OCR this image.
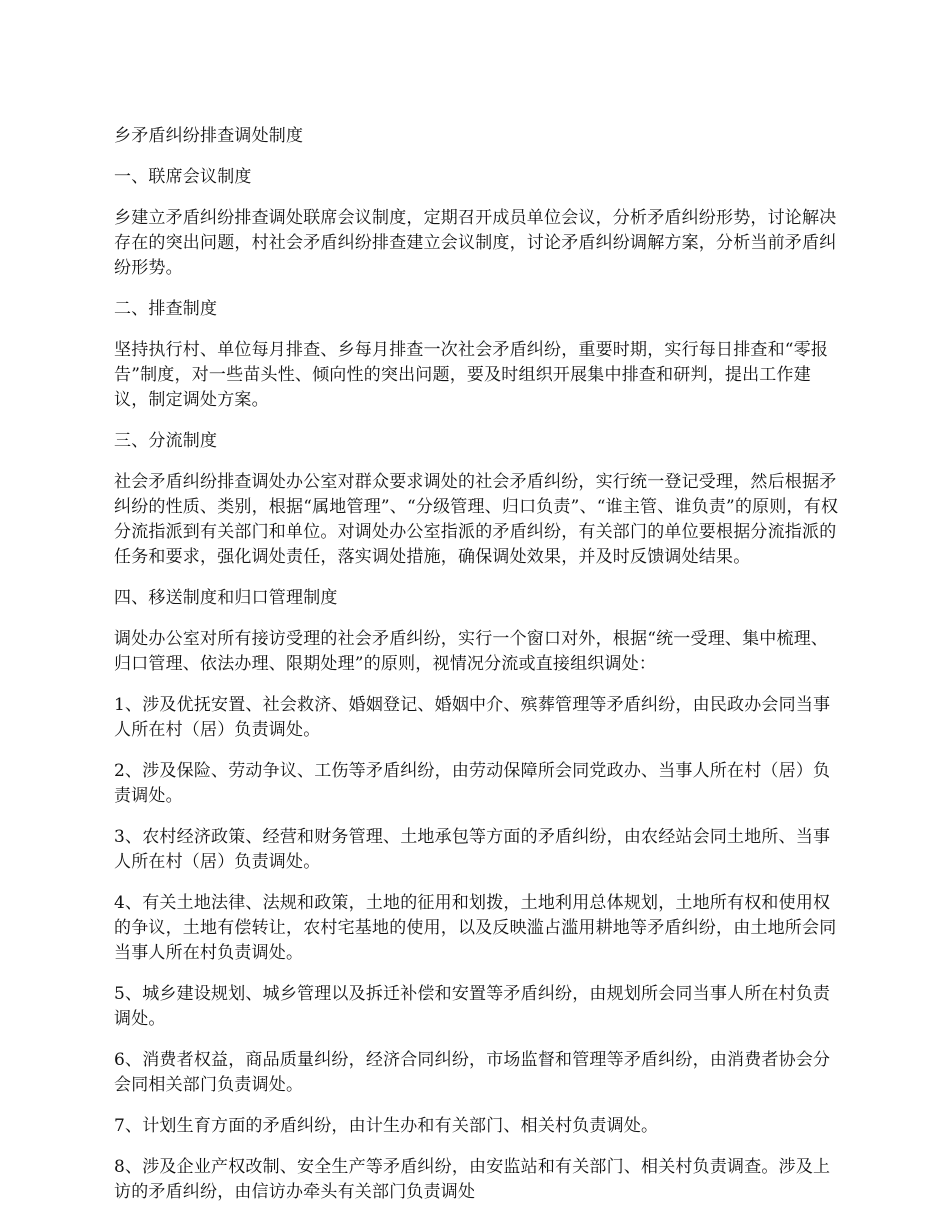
乡矛盾纠纷排查调处制度

一、联席会议制度

乡建立矛盾纠纷排查调处联席会议制度，定期召开成员单位会议，分析矛盾纠纷形势，讨论解决存在的突出问题，村社会矛盾纠纷排查建立会议制度，讨论矛盾纠纷调解方案，分析当前矛盾纠纷形势。

二、排查制度

坚持执行村、单位每月排查、乡每月排查一次社会矛盾纠纷，重要时期，实行每日排查和“零报告”制度，对一些苗头性、倾向性的突出问题，要及时组织开展集中排查和研判，提出工作建议，制定调处方案。

三、分流制度

社会矛盾纠纷排查调处办公室对群众要求调处的社会矛盾纠纷，实行统一登记受理，然后根据矛纠纷的性质、类别，根据“属地管理”、“分级管理、归口负责”、“谁主管、谁负责”的原则，有权分流指派到有关部门和单位。对调处办公室指派的矛盾纠纷，有关部门的单位要根据分流指派的任务和要求，强化调处责任，落实调处措施，确保调处效果，并及时反馈调处结果。

四、移送制度和归口管理制度

调处办公室对所有接访受理的社会矛盾纠纷，实行一个窗口对外，根据“统一受理、集中梳理、归口管理、依法办理、限期处理”的原则，视情况分流或直接组织调处：

1、涉及优抚安置、社会救济、婚姻登记、婚姻中介、殡葬管理等矛盾纠纷，由民政办会同当事人所在村（居）负责调处。

2、涉及保险、劳动争议、工伤等矛盾纠纷，由劳动保障所会同党政办、当事人所在村（居）负责调处。

3、农村经济政策、经营和财务管理、土地承包等方面的矛盾纠纷，由农经站会同土地所、当事人所在村（居）负责调处。

4、有关土地法律、法规和政策，土地的征用和划拨，土地利用总体规划，土地所有权和使用权的争议，土地有偿转让，农村宅基地的使用，以及反映滥占滥用耕地等矛盾纠纷，由土地所会同当事人所在村负责调处。

5、城乡建设规划、城乡管理以及拆迁补偿和安置等矛盾纠纷，由规划所会同当事人所在村负责调处。

6、消费者权益，商品质量纠纷，经济合同纠纷，市场监督和管理等矛盾纠纷，由消费者协会分会同相关部门负责调处。

7、计划生育方面的矛盾纠纷，由计生办和有关部门、相关村负责调处。

8、涉及企业产权改制、安全生产等矛盾纠纷，由安监站和有关部门、相关村负责调查。涉及上访的矛盾纠纷，由信访办牵头有关部门负责调处
